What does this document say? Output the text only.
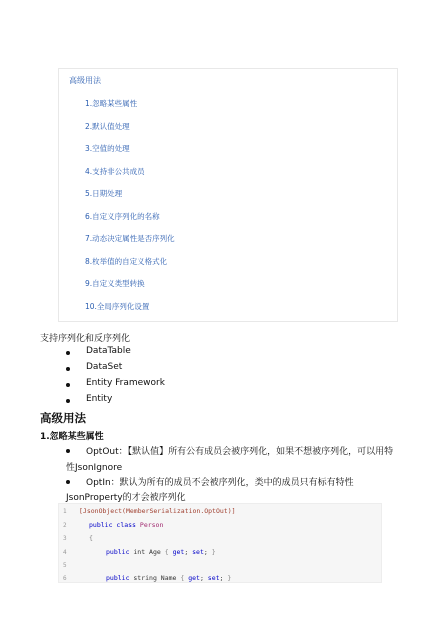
高级用法
1.忽略某些属性
2.默认值处理
3.空值的处理
4.支持非公共成员
5.日期处理
6.自定义序列化的名称
7.动态决定属性是否序列化
8.枚举值的自定义格式化
9.自定义类型转换
10.全局序列化设置
支持序列化和反序列化
DataTable
DataSet
Entity Framework
Entity
高级用法
1.忽略某些属性
OptOut：【默认值】所有公有成员会被序列化，如果不想被序列化，可以用特
性JsonIgnore
OptIn：默认为所有的成员不会被序列化，类中的成员只有标有特性
JsonProperty的才会被序列化
1 [JsonObject(MemberSerialization.OptOut)]
2	public class Person
3	{
4	public int Age { get; set; }
5
6	public string Name { get; set; }
